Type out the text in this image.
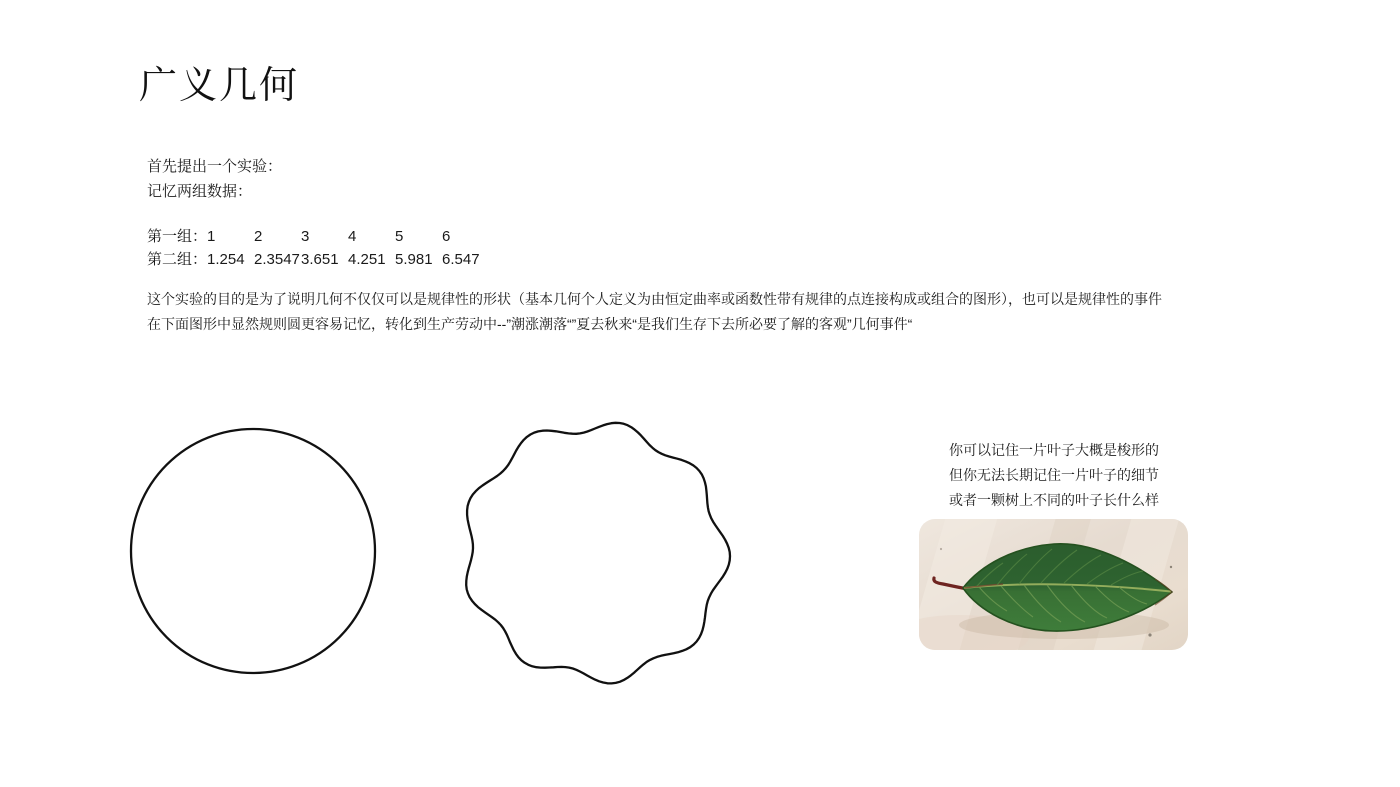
广义几何
首先提出一个实验：
记忆两组数据：
第一组： 1	2	3	4	5	6
第二组： 1.254 2.3547 3.651 4.251 5.981 6.547
这个实验的目的是为了说明几何不仅仅可以是规律性的形状（基本几何个人定义为由恒定曲率或函数性带有规律的点连接构成或组合的图形），也可以是规律性的事件
在下面图形中显然规则圆更容易记忆，转化到生产劳动中--”潮涨潮落“”夏去秋来“是我们生存下去所必要了解的客观”几何事件“
你可以记住一片叶子大概是梭形的
但你无法长期记住一片叶子的细节
或者一颗树上不同的叶子长什么样
